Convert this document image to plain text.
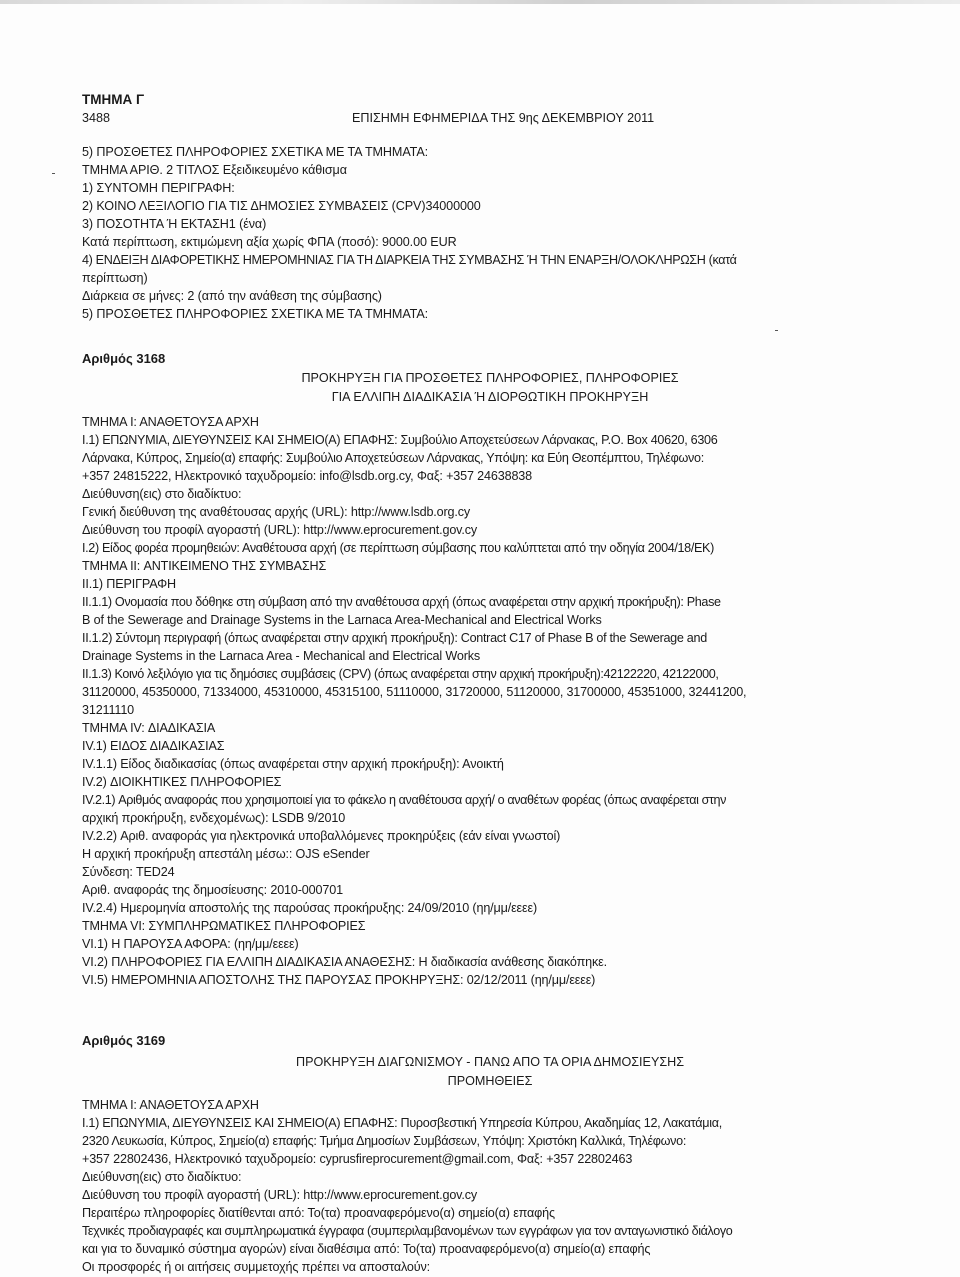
ΤΜΗΜΑ Γ
3488	ΕΠΙΣΗΜΗ ΕΦΗΜΕΡΙΔΑ ΤΗΣ 9ης ΔΕΚΕΜΒΡΙΟΥ 2011
5) ΠΡΟΣΘΕΤΕΣ ΠΛΗΡΟΦΟΡΙΕΣ ΣΧΕΤΙΚΑ ΜΕ ΤΑ ΤΜΗΜΑΤΑ:
ΤΜΗΜΑ ΑΡΙΘ. 2 ΤΙΤΛΟΣ Εξειδικευμένο κάθισμα
1) ΣΥΝΤΟΜΗ ΠΕΡΙΓΡΑΦΗ:
2) ΚΟΙΝΟ ΛΕΞΙΛΟΓΙΟ ΓΙΑ ΤΙΣ ΔΗΜΟΣΙΕΣ ΣΥΜΒΑΣΕΙΣ (CPV)34000000
3) ΠΟΣΟΤΗΤΑ Ή ΕΚΤΑΣΗ1 (ένα)
Κατά περίπτωση, εκτιμώμενη αξία χωρίς ΦΠΑ (ποσό): 9000.00 EUR
4) ΕΝΔΕΙΞΗ ΔΙΑΦΟΡΕΤΙΚΗΣ ΗΜΕΡΟΜΗΝΙΑΣ ΓΙΑ ΤΗ ΔΙΑΡΚΕΙΑ ΤΗΣ ΣΥΜΒΑΣΗΣ Ή ΤΗΝ ΕΝΑΡΞΗ/ΟΛΟΚΛΗΡΩΣΗ (κατά
περίπτωση)
Διάρκεια σε μήνες: 2 (από την ανάθεση της σύμβασης)
5) ΠΡΟΣΘΕΤΕΣ ΠΛΗΡΟΦΟΡΙΕΣ ΣΧΕΤΙΚΑ ΜΕ ΤΑ ΤΜΗΜΑΤΑ:
Αριθμός 3168
ΠΡΟΚΗΡΥΞΗ ΓΙΑ ΠΡΟΣΘΕΤΕΣ ΠΛΗΡΟΦΟΡΙΕΣ, ΠΛΗΡΟΦΟΡΙΕΣ
ΓΙΑ ΕΛΛΙΠΗ ΔΙΑΔΙΚΑΣΙΑ Ή ΔΙΟΡΘΩΤΙΚΗ ΠΡΟΚΗΡΥΞΗ
ΤΜΗΜΑ Ι: ΑΝΑΘΕΤΟΥΣΑ ΑΡΧΗ
I.1) ΕΠΩΝΥΜΙΑ, ΔΙΕΥΘΥΝΣΕΙΣ ΚΑΙ ΣΗΜΕΙΟ(Α) ΕΠΑΦΗΣ: Συμβούλιο Αποχετεύσεων Λάρνακας, P.O. Box 40620, 6306
Λάρνακα, Κύπρος, Σημείο(α) επαφής: Συμβούλιο Αποχετεύσεων Λάρνακας, Υπόψη: κα Εύη Θεοπέμπτου, Τηλέφωνο:
+357 24815222, Ηλεκτρονικό ταχυδρομείο: info@lsdb.org.cy, Φαξ: +357 24638838
Διεύθυνση(εις) στο διαδίκτυο:
Γενική διεύθυνση της αναθέτουσας αρχής (URL): http://www.lsdb.org.cy
Διεύθυνση του προφίλ αγοραστή (URL): http://www.eprocurement.gov.cy
I.2) Είδος φορέα προμηθειών: Αναθέτουσα αρχή (σε περίπτωση σύμβασης που καλύπτεται από την οδηγία 2004/18/ΕΚ)
ΤΜΗΜΑ II: ΑΝΤΙΚΕΙΜΕΝΟ ΤΗΣ ΣΥΜΒΑΣΗΣ
II.1) ΠΕΡΙΓΡΑΦΗ
II.1.1) Ονομασία που δόθηκε στη σύμβαση από την αναθέτουσα αρχή (όπως αναφέρεται στην αρχική προκήρυξη): Phase
B of the Sewerage and Drainage Systems in the Larnaca Area-Mechanical and Electrical Works
II.1.2) Σύντομη περιγραφή (όπως αναφέρεται στην αρχική προκήρυξη): Contract C17 of Phase B of the Sewerage and
Drainage Systems in the Larnaca Area - Mechanical and Electrical Works
II.1.3) Κοινό λεξιλόγιο για τις δημόσιες συμβάσεις (CPV) (όπως αναφέρεται στην αρχική προκήρυξη):42122220, 42122000,
31120000, 45350000, 71334000, 45310000, 45315100, 51110000, 31720000, 51120000, 31700000, 45351000, 32441200,
31211110
ΤΜΗΜΑ IV: ΔΙΑΔΙΚΑΣΙΑ
IV.1) ΕΙΔΟΣ ΔΙΑΔΙΚΑΣΙΑΣ
IV.1.1) Είδος διαδικασίας (όπως αναφέρεται στην αρχική προκήρυξη): Ανοικτή
IV.2) ΔΙΟΙΚΗΤΙΚΕΣ ΠΛΗΡΟΦΟΡΙΕΣ
IV.2.1) Αριθμός αναφοράς που χρησιμοποιεί για το φάκελο η αναθέτουσα αρχή/ ο αναθέτων φορέας (όπως αναφέρεται στην
αρχική προκήρυξη, ενδεχομένως): LSDB 9/2010
IV.2.2) Αριθ. αναφοράς για ηλεκτρονικά υποβαλλόμενες προκηρύξεις (εάν είναι γνωστοί)
Η αρχική προκήρυξη απεστάλη μέσω:: OJS eSender
Σύνδεση: TED24
Αριθ. αναφοράς της δημοσίευσης: 2010-000701
IV.2.4) Ημερομηνία αποστολής της παρούσας προκήρυξης: 24/09/2010 (ηη/μμ/εεεε)
ΤΜΗΜΑ VI: ΣΥΜΠΛΗΡΩΜΑΤΙΚΕΣ ΠΛΗΡΟΦΟΡΙΕΣ
VI.1) Η ΠΑΡΟΥΣΑ ΑΦΟΡΑ: (ηη/μμ/εεεε)
VI.2) ΠΛΗΡΟΦΟΡΙΕΣ ΓΙΑ ΕΛΛΙΠΗ ΔΙΑΔΙΚΑΣΙΑ ΑΝΑΘΕΣΗΣ: Η διαδικασία ανάθεσης διακόπηκε.
VI.5) ΗΜΕΡΟΜΗΝΙΑ ΑΠΟΣΤΟΛΗΣ ΤΗΣ ΠΑΡΟΥΣΑΣ ΠΡΟΚΗΡΥΞΗΣ: 02/12/2011 (ηη/μμ/εεεε)
Αριθμός 3169
ΠΡΟΚΗΡΥΞΗ ΔΙΑΓΩΝΙΣΜΟΥ - ΠΑΝΩ ΑΠΟ ΤΑ ΟΡΙΑ ΔΗΜΟΣΙΕΥΣΗΣ
ΠΡΟΜΗΘΕΙΕΣ
ΤΜΗΜΑ Ι: ΑΝΑΘΕΤΟΥΣΑ ΑΡΧΗ
I.1) ΕΠΩΝΥΜΙΑ, ΔΙΕΥΘΥΝΣΕΙΣ ΚΑΙ ΣΗΜΕΙΟ(Α) ΕΠΑΦΗΣ: Πυροσβεστική Υπηρεσία Κύπρου, Ακαδημίας 12, Λακατάμια,
2320 Λευκωσία, Κύπρος, Σημείο(α) επαφής: Τμήμα Δημοσίων Συμβάσεων, Υπόψη: Χριστόκη Καλλικά, Τηλέφωνο:
+357 22802436, Ηλεκτρονικό ταχυδρομείο: cyprusfireprocurement@gmail.com, Φαξ: +357 22802463
Διεύθυνση(εις) στο διαδίκτυο:
Διεύθυνση του προφίλ αγοραστή (URL): http://www.eprocurement.gov.cy
Περαιτέρω πληροφορίες διατίθενται από: Το(τα) προαναφερόμενο(α) σημείο(α) επαφής
Τεχνικές προδιαγραφές και συμπληρωματικά έγγραφα (συμπεριλαμβανομένων των εγγράφων για τον ανταγωνιστικό διάλογο
και για το δυναμικό σύστημα αγορών) είναι διαθέσιμα από: Το(τα) προαναφερόμενο(α) σημείο(α) επαφής
Οι προσφορές ή οι αιτήσεις συμμετοχής πρέπει να αποσταλούν:
